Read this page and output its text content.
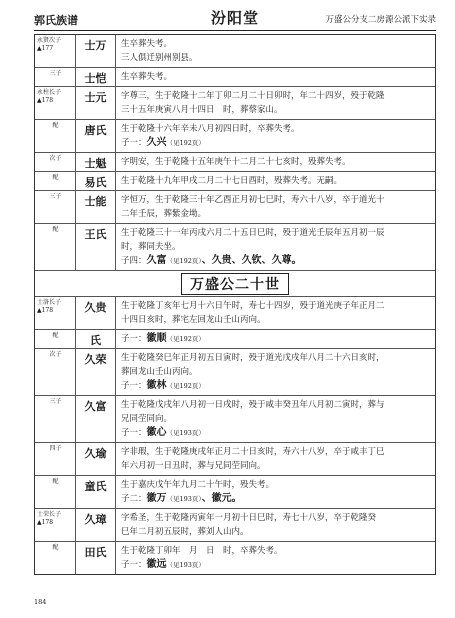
郭氏族谱	汾阳堂	万盛公分支二房源公派下实录
永贤次子
▲177	士万	生卒葬失考。
三人俱迁别州别县。
三子	士恺	生卒葬失考。
永柱长子
▲178	士元	字尊三，生于乾隆十二年丁卯二月二十日卯时，年二十四岁，殁于乾隆
三十五年庚寅八月十四日　时，葬蔡家山。
配	唐氏	生于乾隆十六年辛未八月初四日时，卒葬失考。
子一：久兴（见192页）
次子	士魁	字明安，生于乾隆十五年庚午十二月二十七亥时，殁葬失考。
配	易氏	生于乾隆十九年甲戌二月二十七日酉时，殁葬失考。无嗣。
三子	士能	字恒万，生于乾隆三十年乙酉正月初七巳时，寿六十八岁，卒于道光十
二年壬辰，葬紫金坳。
配	王氏	生于乾隆三十一年丙戌六月二十五日巳时，殁于道光壬辰年五月初一辰
时，葬同夫坐。
子四：久富（见192页）、久贵、久钦、久尊。
万盛公二十世
士洛长子
▲178	久贵	生于乾隆丁亥年七月十六日午时，寿七十四岁，殁于道光庚子年正月二
十四日亥时，葬宅左回龙山壬山丙向。
配	氏	子一：徽顺（见192页）
次子	久荣	生于乾隆癸巳年正月初五日寅时，殁于道光戊戌年八月二十六日亥时，
葬回龙山壬山丙向。
子一：徽林（见192页）
三子	久富	生于乾隆戊戌年八月初一日戌时，殁于咸丰癸丑年八月初二寅时，葬与
兄同茔同向。
子一：徽心（见193页）
四子	久瑜	字非瑕，生于乾隆庚戌年正月二十日亥时，寿六十八岁，卒于咸丰丁巳
年六月初一日丑时，葬与兄同茔同向。
配	童氏	生于嘉庆戊午年九月二十午时，殁失考。
子二：徽万（见193页）、徽元。
士荣长子
▲178	久璋	字希圣，生于乾隆丙寅年一月初十日巳时，寿七十八岁，卒于乾隆癸
巳年二月初五辰时，葬刘人山内。
配	田氏	生于乾隆丁卯年　月　日　时，卒葬失考。
子一：徽远（见193页）
184
